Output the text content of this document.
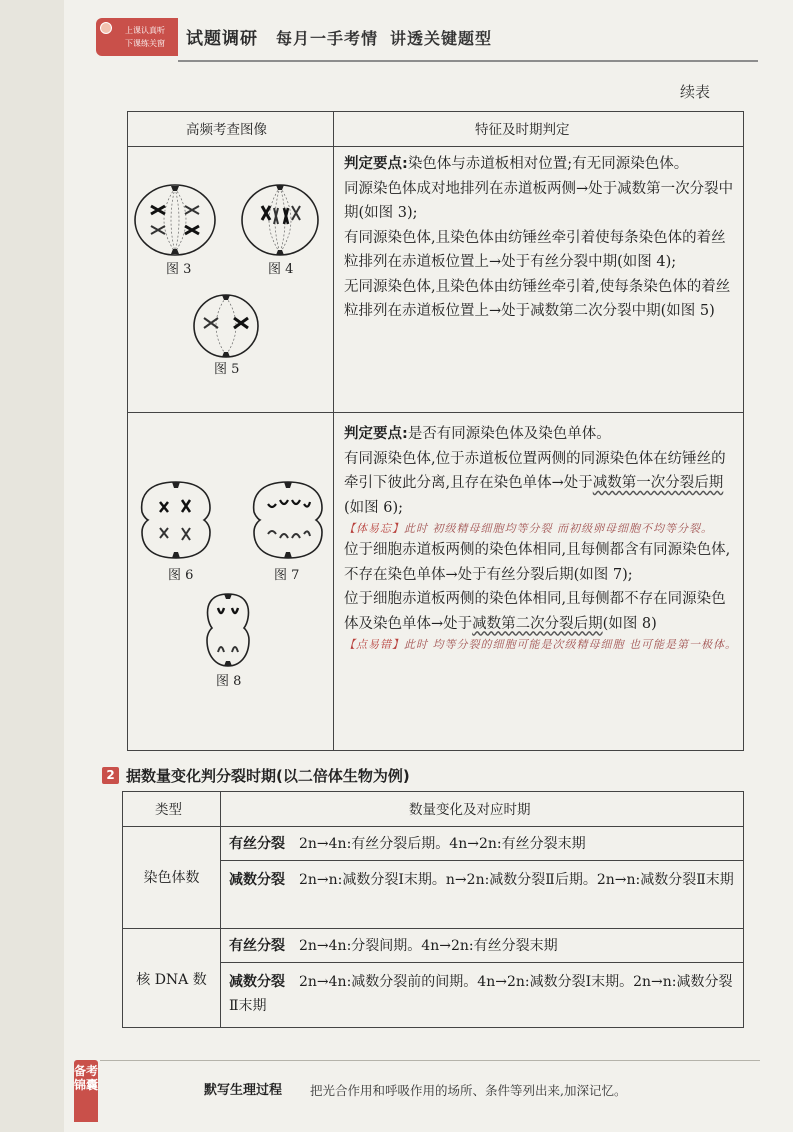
上课认真听
下课练关窗	试题调研 每月一手考情 讲透关键题型
续表
高频考查图像	特征及时期判定
图 3	图 4
图 5

判定要点:染色体与赤道板相对位置;有无同源染色体。

同源染色体成对地排列在赤道板两侧→处于减数第一次分裂中期(如图 3);

有同源染色体,且染色体由纺锤丝牵引着使每条染色体的着丝粒排列在赤道板位置上→处于有丝分裂中期(如图 4);

无同源染色体,且染色体由纺锤丝牵引着,使每条染色体的着丝粒排列在赤道板位置上→处于减数第二次分裂中期(如图 5)

图 6	图 7
图 8

判定要点:是否有同源染色体及染色单体。

有同源染色体,位于赤道板位置两侧的同源染色体在纺锤丝的牵引下彼此分离,且存在染色单体→处于减数第一次分裂后期(如图 6);

【体易忘】此时 初级精母细胞均等分裂 而初级卵母细胞不均等分裂。

位于细胞赤道板两侧的染色体相同,且每侧都含有同源染色体,不存在染色单体→处于有丝分裂后期(如图 7);

位于细胞赤道板两侧的染色体相同,且每侧都不存在同源染色体及染色单体→处于减数第二次分裂后期(如图 8)

【点易错】此时 均等分裂的细胞可能是次级精母细胞 也可能是第一极体。

2 据数量变化判分裂时期(以二倍体生物为例)
类型	数量变化及对应时期
染色体数
有丝分裂 2n→4n:有丝分裂后期。4n→2n:有丝分裂末期
减数分裂 2n→n:减数分裂Ⅰ末期。n→2n:减数分裂Ⅱ后期。2n→n:减数分裂Ⅱ末期
核 DNA 数
有丝分裂 2n→4n:分裂间期。4n→2n:有丝分裂末期
减数分裂 2n→4n:减数分裂前的间期。4n→2n:减数分裂Ⅰ末期。2n→n:减数分裂Ⅱ末期
备考锦囊	默写生理过程 把光合作用和呼吸作用的场所、条件等列出来,加深记忆。
